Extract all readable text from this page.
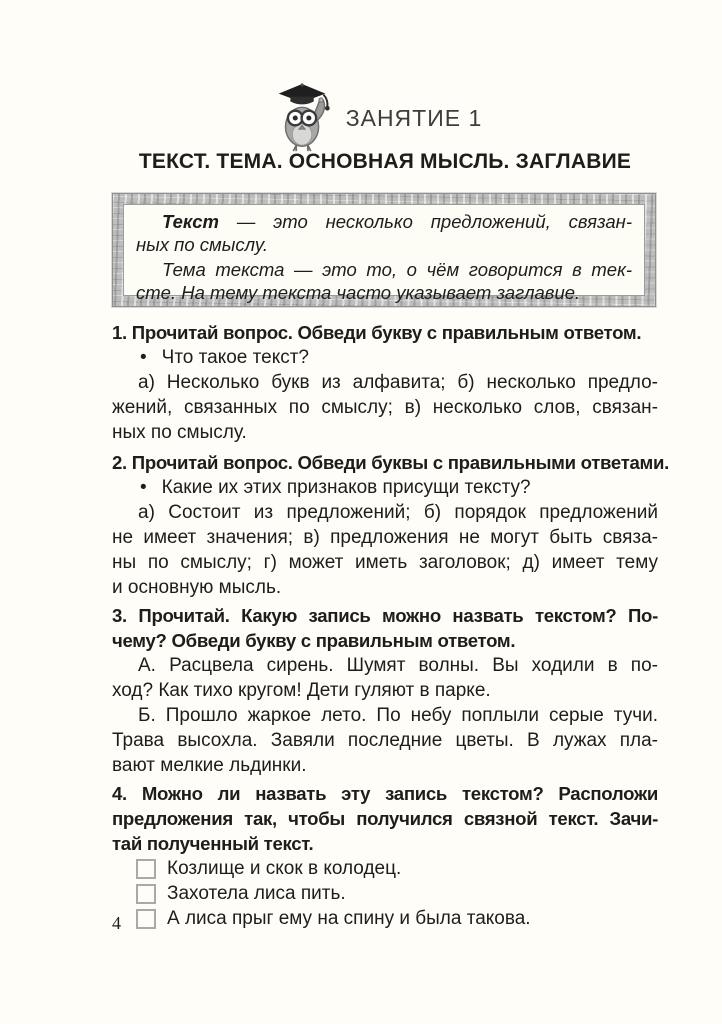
ЗАНЯТИЕ 1
ТЕКСТ. ТЕМА. ОСНОВНАЯ МЫСЛЬ. ЗАГЛАВИЕ
Текст — это несколько предложений, связан-
ных по смыслу.
Тема текста — это то, о чём говорится в тек-
сте. На тему текста часто указывает заглавие.
1. Прочитай вопрос. Обведи букву с правильным ответом.
• Что такое текст?
а) Несколько букв из алфавита; б) несколько предло-
жений, связанных по смыслу; в) несколько слов, связан-
ных по смыслу.
2. Прочитай вопрос. Обведи буквы с правильными ответами.
• Какие их этих признаков присущи тексту?
а) Состоит из предложений; б) порядок предложений
не имеет значения; в) предложения не могут быть связа-
ны по смыслу; г) может иметь заголовок; д) имеет тему
и основную мысль.
3. Прочитай. Какую запись можно назвать текстом? По-
чему? Обведи букву с правильным ответом.
А. Расцвела сирень. Шумят волны. Вы ходили в по-
ход? Как тихо кругом! Дети гуляют в парке.
Б. Прошло жаркое лето. По небу поплыли серые тучи.
Трава высохла. Завяли последние цветы. В лужах пла-
вают мелкие льдинки.
4. Можно ли назвать эту запись текстом? Расположи
предложения так, чтобы получился связной текст. Зачи-
тай полученный текст.
Козлище и скок в колодец.
Захотела лиса пить.
А лиса прыг ему на спину и была такова.
4
